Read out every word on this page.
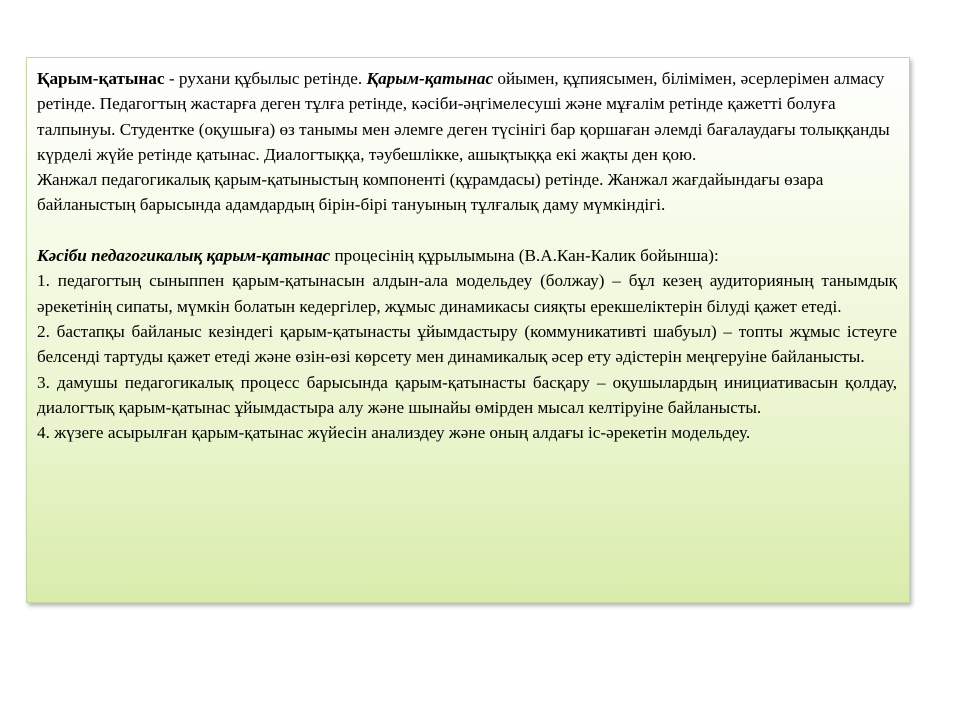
Қарым-қатынас - рухани құбылыс ретінде. Қарым-қатынас ойымен, құпиясымен, білімімен, әсерлерімен алмасу ретінде. Педагогтың жастарға деген тұлға ретінде, кәсіби-әңгімелесуші және мұғалім ретінде қажетті болуға талпынуы. Студентке (оқушыға) өз танымы мен әлемге деген түсінігі бар қоршаған әлемді бағалаудағы толыққанды күрделі жүйе ретінде қатынас. Диалогтыққа, тәубешлікке, ашықтыққа екі жақты ден қою.

Жанжал педагогикалық қарым-қатыныстың компоненті (құрамдасы) ретінде. Жанжал жағдайындағы өзара байланыстың барысында адамдардың бірін-бірі тануының тұлғалық даму мүмкіндігі.

Кәсіби педагогикалық қарым-қатынас процесінің құрылымына (В.А.Кан-Калик бойынша):

1. педагогтың сыныппен қарым-қатынасын алдын-ала модельдеу (болжау) – бұл кезең аудиторияның танымдық әрекетінің сипаты, мүмкін болатын кедергілер, жұмыс динамикасы сияқты ерекшеліктерін білуді қажет етеді.

2. бастапқы байланыс кезіндегі қарым-қатынасты ұйымдастыру (коммуникативті шабуыл) – топты жұмыс істеуге белсенді тартуды қажет етеді және өзін-өзі көрсету мен динамикалық әсер ету әдістерін меңгеруіне байланысты.

3. дамушы педагогикалық процесс барысында қарым-қатынасты басқару – оқушылардың инициативасын қолдау, диалогтық қарым-қатынас ұйымдастыра алу және шынайы өмірден мысал келтіруіне байланысты.

4. жүзеге асырылған қарым-қатынас жүйесін анализдеу және оның алдағы іс-әрекетін модельдеу.
